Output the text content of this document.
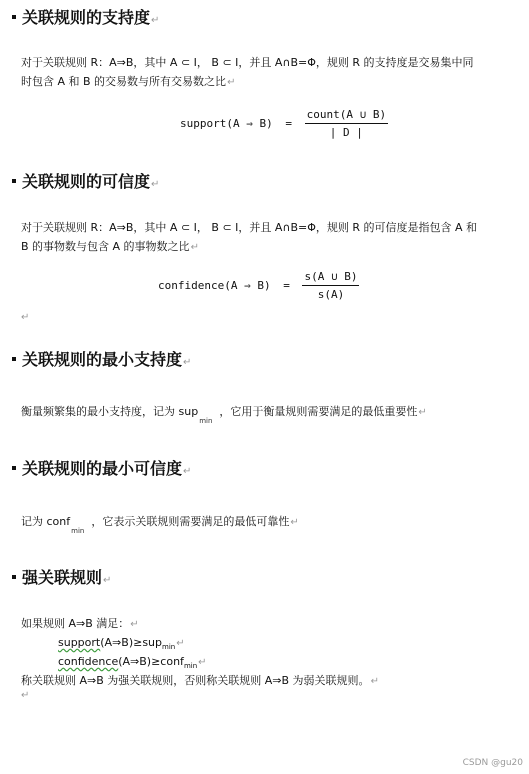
关联规则的支持度↵
对于关联规则 R：A⇒B，其中 A ⊂ I， B ⊂ I，并且 A∩B=Φ，规则 R 的支持度是交易集中同
时包含 A 和 B 的交易数与所有交易数之比↵
support(A ⇒ $B) = \frac{\text{count(A ∪ B)}}{| D |}$
关联规则的可信度↵
对于关联规则 R：A⇒B，其中 A ⊂ I， B ⊂ I，并且 A∩B=Φ，规则 R 的可信度是指包含 A 和
B 的事物数与包含 A 的事物数之比↵
confidence(A ⇒ $B) = \frac{s(A \cup B)}{s(A)}$
↵
关联规则的最小支持度↵
衡量频繁集的最小支持度，记为 sup$_{min}$  ，它用于衡量规则需要满足的最低重要性↵
关联规则的最小可信度↵
记为 conf$_{min}$  ，它表示关联规则需要满足的最低可靠性↵
强关联规则↵
如果规则 A⇒B 满足：↵
support(A⇒B)≥sup$_{min}$↵
confidence(A⇒B)≥conf$_{min}$↵
称关联规则 A⇒B 为强关联规则，否则称关联规则 A⇒B 为弱关联规则。↵
↵
CSDN @gu20
